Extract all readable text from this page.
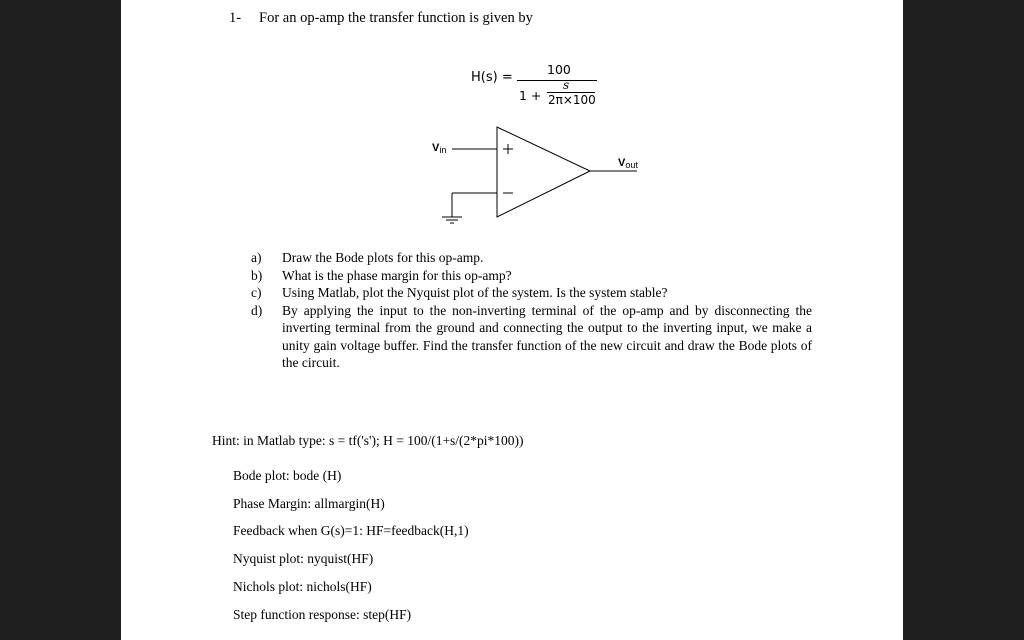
1- For an op-amp the transfer function is given by
H(s) =
100
1 +
s
2π×100
$V_{in}$
$V_{out}$
a)	Draw the Bode plots for this op-amp.
b)	What is the phase margin for this op-amp?
c)	Using Matlab, plot the Nyquist plot of the system. Is the system stable?
d)	By applying the input to the non-inverting terminal of the op-amp and by disconnecting the inverting terminal from the ground and connecting the output to the inverting input, we make a unity gain voltage buffer. Find the transfer function of the new circuit and draw the Bode plots of the circuit.
Hint: in Matlab type: s = tf('s'); H = 100/(1+s/(2*pi*100))
Bode plot: bode (H)
Phase Margin: allmargin(H)
Feedback when G(s)=1: HF=feedback(H,1)
Nyquist plot: nyquist(HF)
Nichols plot: nichols(HF)
Step function response: step(HF)
